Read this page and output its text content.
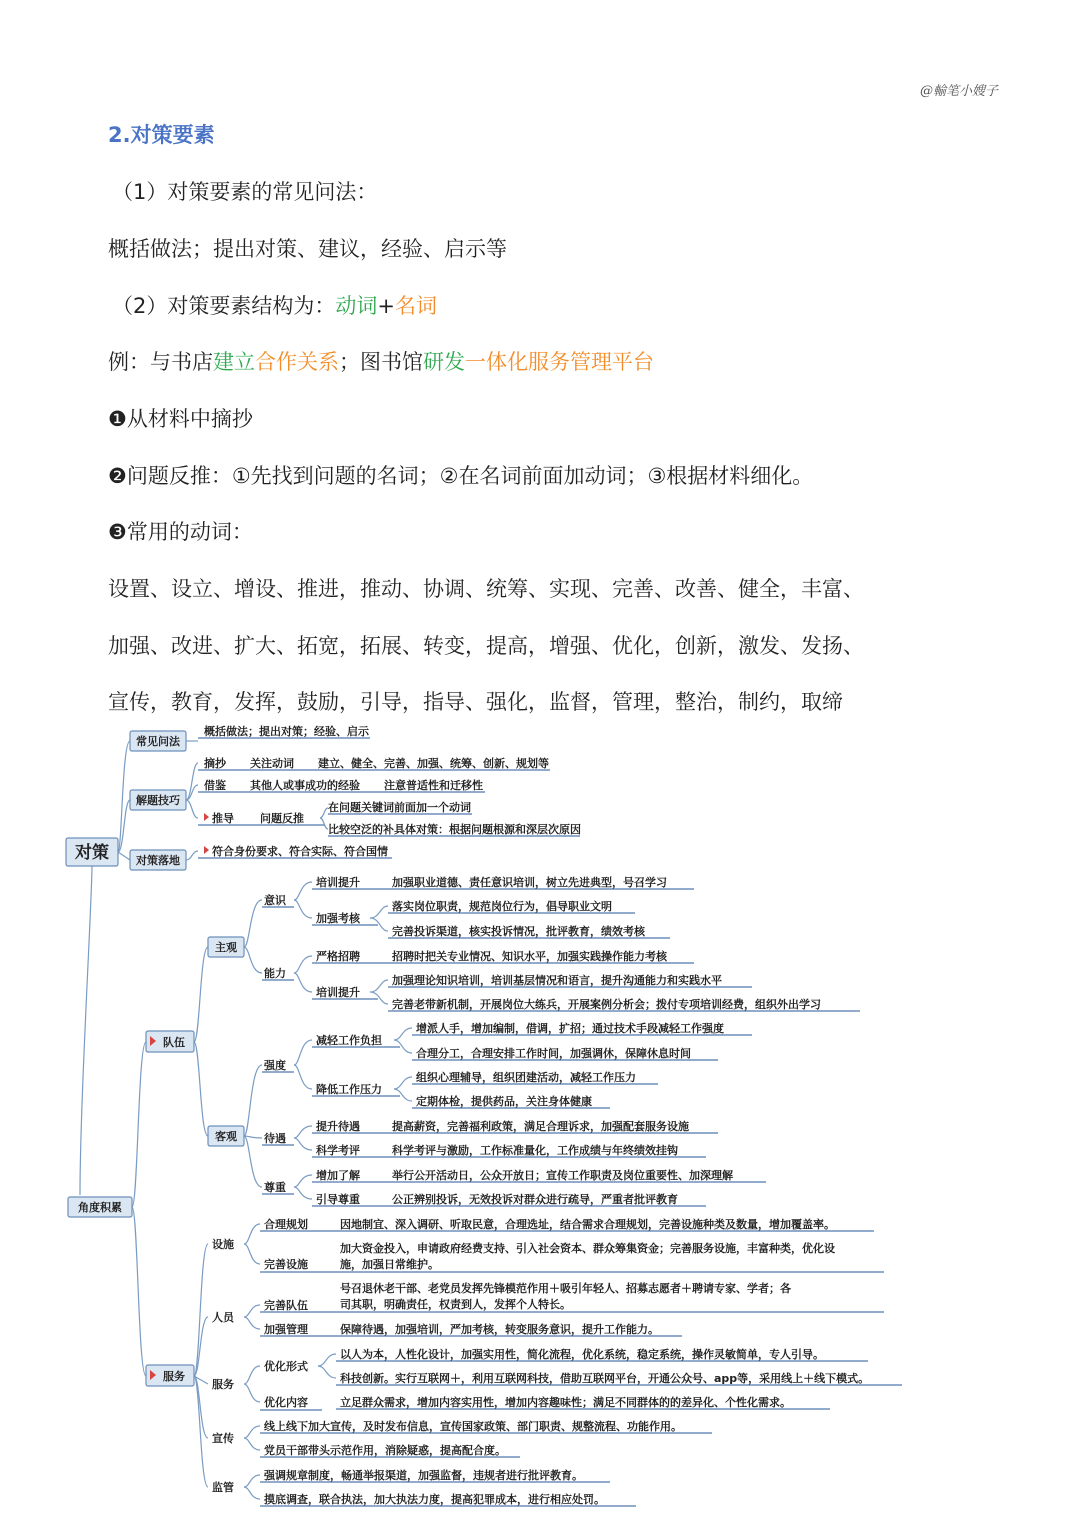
@輸笔小嫂子
2.对策要素
（1）对策要素的常见问法：
概括做法；提出对策、建议，经验、启示等
（2）对策要素结构为：动词+名词
例：与书店建立合作关系；图书馆研发一体化服务管理平台
❶从材料中摘抄
❷问题反推：①先找到问题的名词；②在名词前面加动词；③根据材料细化。
❸常用的动词：
设置、设立、增设、推进，推动、协调、统筹、实现、完善、改善、健全，丰富、
加强、改进、扩大、拓宽，拓展、转变，提高，增强、优化，创新，激发、发扬、
宣传，教育，发挥，鼓励，引导，指导、强化，监督，管理，整治，制约，取缔
对策
常见问法
概括做法；提出对策；经验、启示
解题技巧
摘抄 关注动词 建立、健全、完善、加强、统筹、创新、规划等
借鉴 其他人或事成功的经验 注意普适性和迁移性
推导 问题反推
在问题关键词前面加一个动词
比较空泛的补具体对策：根据问题根源和深层次原因
对策落地
符合身份要求、符合实际、符合国情
角度积累
队伍
主观
意识
培训提升	加强职业道德、责任意识培训，树立先进典型，号召学习
加强考核
落实岗位职责，规范岗位行为，倡导职业文明
完善投诉渠道，核实投诉情况，批评教育，绩效考核
能力
严格招聘	招聘时把关专业情况、知识水平，加强实践操作能力考核
培训提升
加强理论知识培训，培训基层情况和语言，提升沟通能力和实践水平
完善老带新机制，开展岗位大练兵，开展案例分析会；拨付专项培训经费，组织外出学习
客观
强度
减轻工作负担
增派人手，增加编制，借调，扩招；通过技术手段减轻工作强度
合理分工，合理安排工作时间，加强调休，保障休息时间
降低工作压力
组织心理辅导，组织团建活动，减轻工作压力
定期体检，提供药品，关注身体健康
待遇
提升待遇	提高薪资，完善福利政策，满足合理诉求，加强配套服务设施
科学考评	科学考评与激励，工作标准量化，工作成绩与年终绩效挂钩
尊重
增加了解	举行公开活动日，公众开放日；宣传工作职责及岗位重要性、加深理解
引导尊重	公正辨别投诉，无效投诉对群众进行疏导，严重者批评教育
服务
设施
合理规划	因地制宜、深入调研、听取民意，合理选址，结合需求合理规划，完善设施种类及数量，增加覆盖率。
完善设施
加大资金投入，申请政府经费支持、引入社会资本、群众筹集资金；完善服务设施，丰富种类，优化设
施，加强日常维护。
人员
完善队伍
号召退休老干部、老党员发挥先锋模范作用＋吸引年轻人、招募志愿者＋聘请专家、学者；各
司其职，明确责任，权责到人，发挥个人特长。
加强管理	保障待遇，加强培训，严加考核，转变服务意识，提升工作能力。
服务
优化形式
以人为本，人性化设计，加强实用性，简化流程，优化系统，稳定系统，操作灵敏简单，专人引导。
科技创新。实行互联网＋，利用互联网科技，借助互联网平台，开通公众号、app等，采用线上＋线下模式。
优化内容	立足群众需求，增加内容实用性，增加内容趣味性；满足不同群体的的差异化、个性化需求。
宣传
线上线下加大宣传，及时发布信息，宣传国家政策、部门职责、规整流程、功能作用。
党员干部带头示范作用，消除疑惑，提高配合度。
监管
强调规章制度，畅通举报渠道，加强监督，违规者进行批评教育。
摸底调查，联合执法，加大执法力度，提高犯罪成本，进行相应处罚。
